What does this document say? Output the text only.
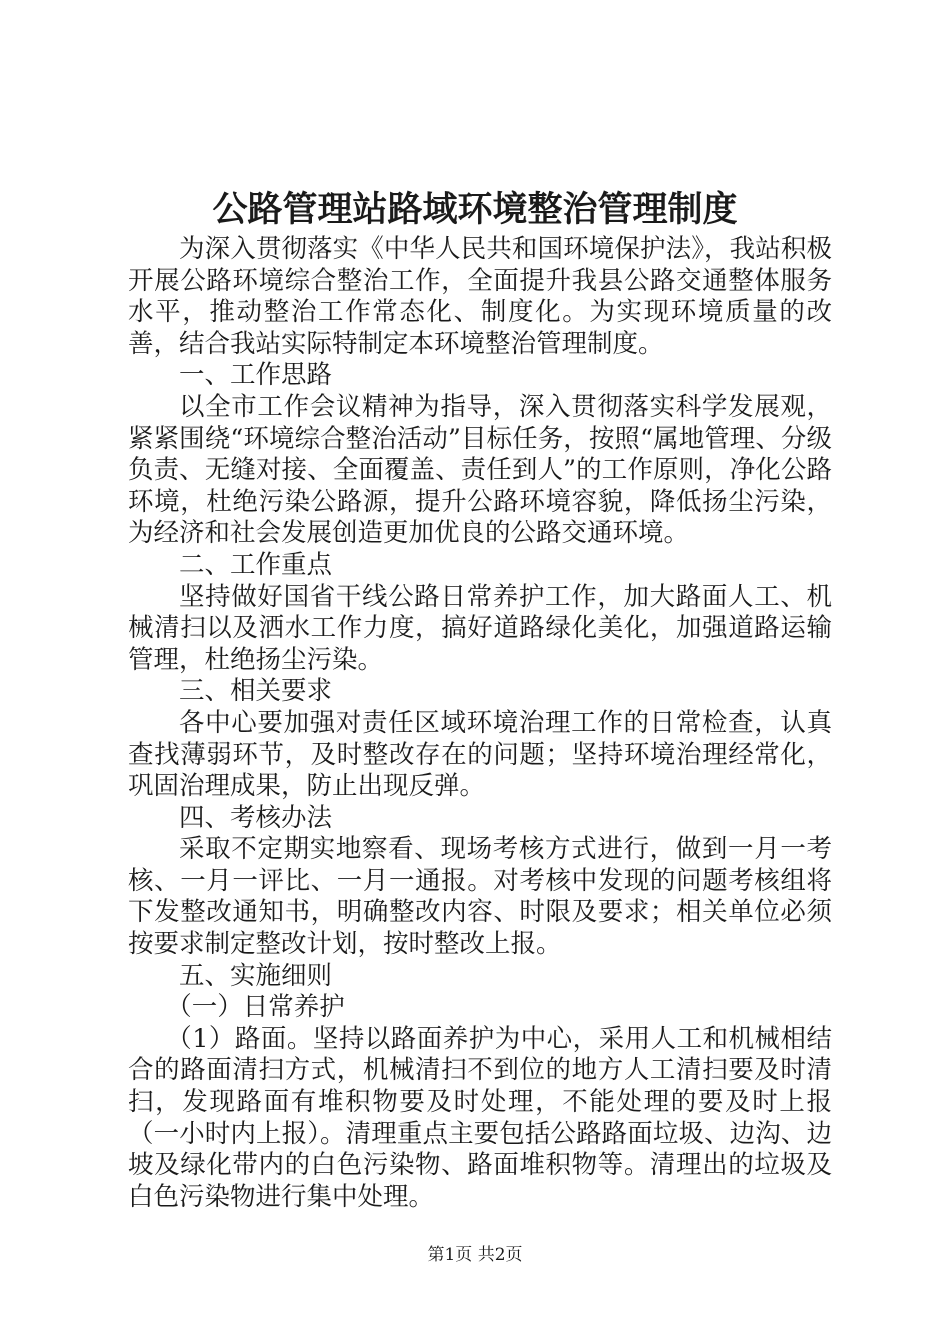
公路管理站路域环境整治管理制度

为深入贯彻落实《中华人民共和国环境保护法》，我站积极开展公路环境综合整治工作，全面提升我县公路交通整体服务水平，推动整治工作常态化、制度化。为实现环境质量的改善，结合我站实际特制定本环境整治管理制度。

一、工作思路

以全市工作会议精神为指导，深入贯彻落实科学发展观，紧紧围绕“环境综合整治活动”目标任务，按照“属地管理、分级负责、无缝对接、全面覆盖、责任到人”的工作原则，净化公路环境，杜绝污染公路源，提升公路环境容貌，降低扬尘污染，为经济和社会发展创造更加优良的公路交通环境。

二、工作重点

坚持做好国省干线公路日常养护工作，加大路面人工、机械清扫以及洒水工作力度，搞好道路绿化美化，加强道路运输管理，杜绝扬尘污染。

三、相关要求

各中心要加强对责任区域环境治理工作的日常检查，认真查找薄弱环节，及时整改存在的问题；坚持环境治理经常化，巩固治理成果，防止出现反弹。

四、考核办法

采取不定期实地察看、现场考核方式进行，做到一月一考核、一月一评比、一月一通报。对考核中发现的问题考核组将下发整改通知书，明确整改内容、时限及要求；相关单位必须按要求制定整改计划，按时整改上报。

五、实施细则

（一）日常养护

（1）路面。坚持以路面养护为中心，采用人工和机械相结合的路面清扫方式，机械清扫不到位的地方人工清扫要及时清扫，发现路面有堆积物要及时处理，不能处理的要及时上报（一小时内上报）。清理重点主要包括公路路面垃圾、边沟、边坡及绿化带内的白色污染物、路面堆积物等。清理出的垃圾及白色污染物进行集中处理。

第1页 共2页
